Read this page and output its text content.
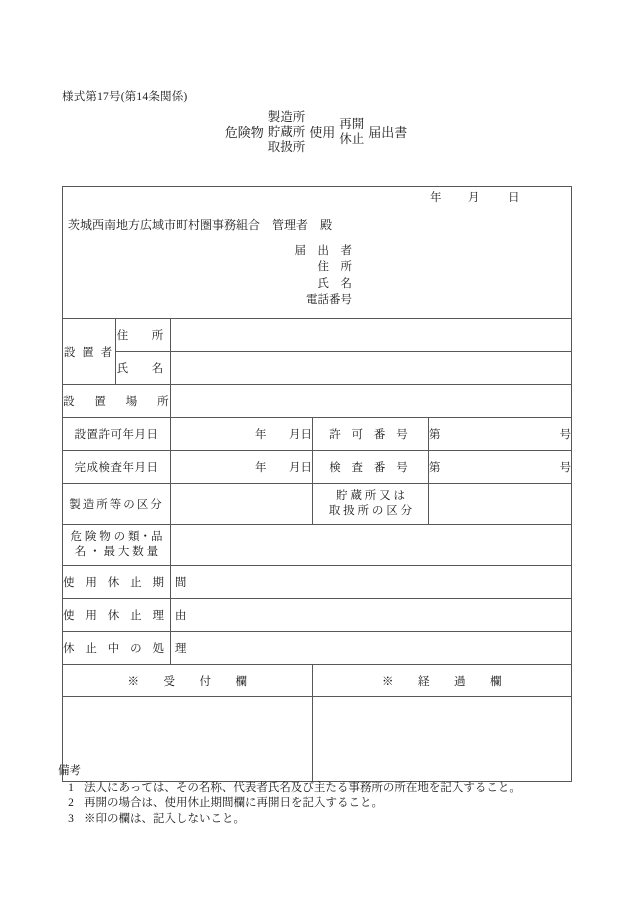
様式第17号(第14条関係)
危険物
製造所
貯蔵所
取扱所
使用
再開
休止 届出書

設 置 者	住　所			
	氏　名			
設 置 場 所				
設置許可年月日		年 月日	許 可 番 号	第 号

完成検査年月日		年 月日	検 査 番 号	第 号

製造所等の区分			貯 蔵 所 又 は
取 扱 所 の 区 分	

危 険 物 の 類・品
名 ・ 最 大 数 量				

使 用 休 止 期 間				
使 用 休 止 理 由				
休 止 中 の 処 理				
※　　受　　付　　欄			※　　経　　過　　欄	

年 月 日
茨城西南地方広域市町村圏事務組合　管理者　殿
届　出　者
住　所
氏　名
電話番号
備考
1 法人にあっては、その名称、代表者氏名及び主たる事務所の所在地を記入すること。
2 再開の場合は、使用休止期間欄に再開日を記入すること。
3 ※印の欄は、記入しないこと。
